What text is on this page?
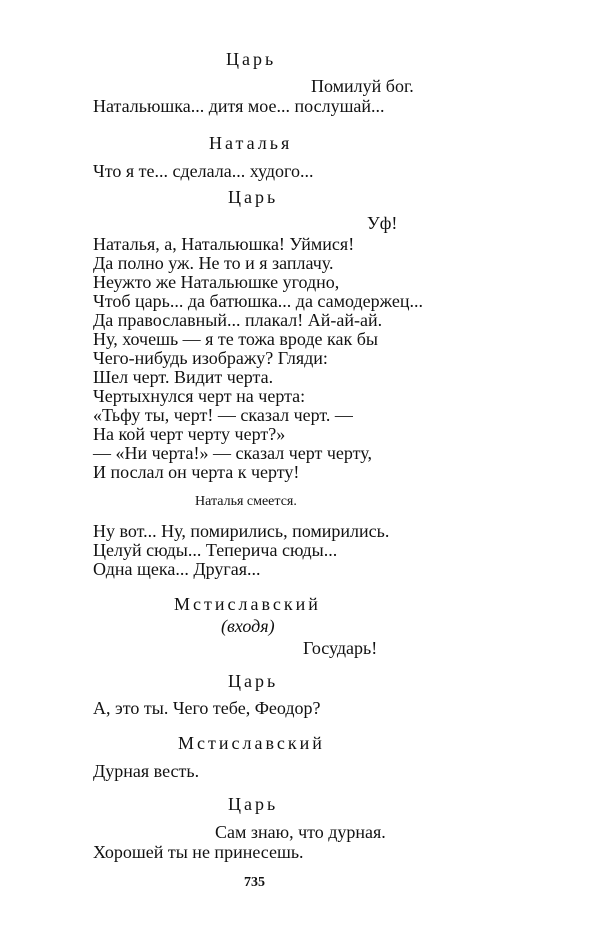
Царь
Помилуй бог.
Натальюшка... дитя мое... послушай...
Наталья
Что я те... сделала... худого...
Царь
Уф!
Наталья, а, Натальюшка! Уймися!
Да полно уж. Не то и я заплачу.
Неужто же Натальюшке угодно,
Чтоб царь... да батюшка... да самодержец...
Да православный... плакал! Ай-ай-ай.
Ну, хочешь — я те тожа вроде как бы
Чего-нибудь изображу? Гляди:
Шел черт. Видит черта.
Чертыхнулся черт на черта:
«Тьфу ты, черт! — сказал черт. —
На кой черт черту черт?»
— «Ни черта!» — сказал черт черту,
И послал он черта к черту!
Наталья смеется.
Ну вот... Ну, помирились, помирились.
Целуй сюды... Теперича сюды...
Одна щека... Другая...
Мстиславский
(входя)
Государь!
Царь
А, это ты. Чего тебе, Феодор?
Мстиславский
Дурная весть.
Царь
Сам знаю, что дурная.
Хорошей ты не принесешь.
735
